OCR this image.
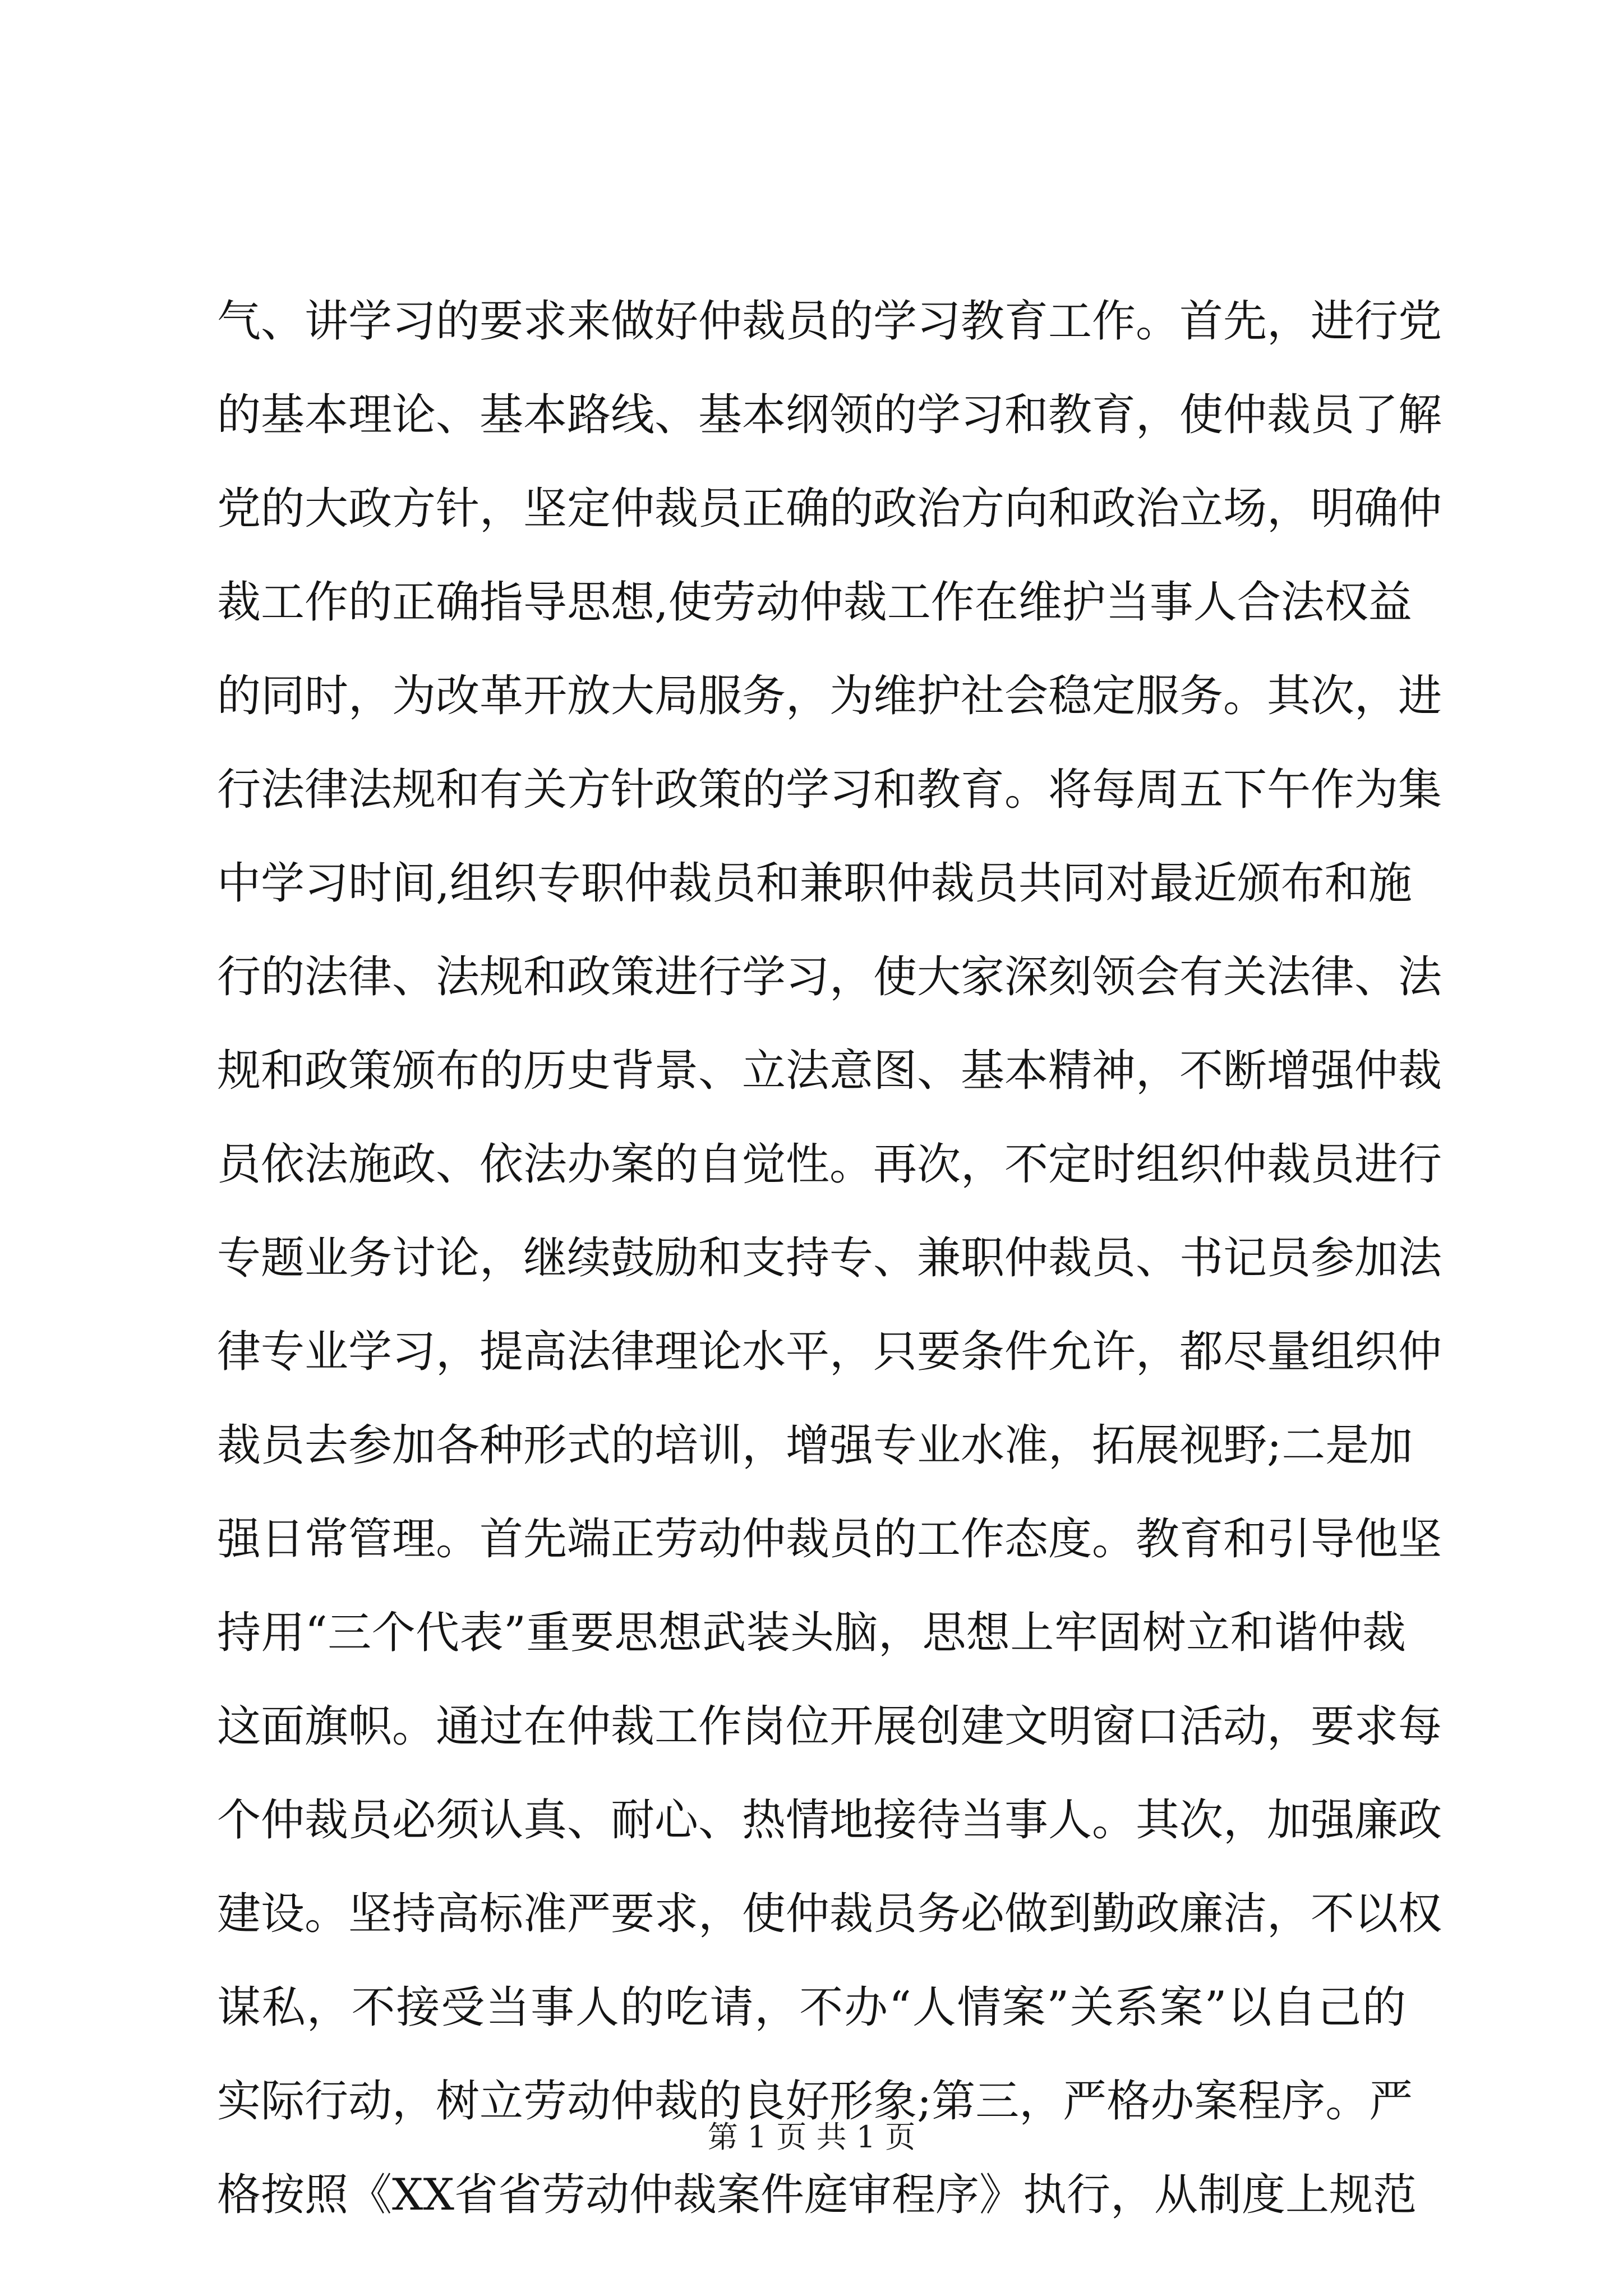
气、讲学习的要求来做好仲裁员的学习教育工作。首先，进行党
的基本理论、基本路线、基本纲领的学习和教育，使仲裁员了解
党的大政方针，坚定仲裁员正确的政治方向和政治立场，明确仲
裁工作的正确指导思想,使劳动仲裁工作在维护当事人合法权益
的同时，为改革开放大局服务，为维护社会稳定服务。其次，进
行法律法规和有关方针政策的学习和教育。将每周五下午作为集
中学习时间,组织专职仲裁员和兼职仲裁员共同对最近颁布和施
行的法律、法规和政策进行学习，使大家深刻领会有关法律、法
规和政策颁布的历史背景、立法意图、基本精神，不断增强仲裁
员依法施政、依法办案的自觉性。再次，不定时组织仲裁员进行
专题业务讨论，继续鼓励和支持专、兼职仲裁员、书记员参加法
律专业学习，提高法律理论水平，只要条件允许，都尽量组织仲
裁员去参加各种形式的培训，增强专业水准，拓展视野;二是加
强日常管理。首先端正劳动仲裁员的工作态度。教育和引导他坚
持用“三个代表”重要思想武装头脑，思想上牢固树立和谐仲裁
这面旗帜。通过在仲裁工作岗位开展创建文明窗口活动，要求每
个仲裁员必须认真、耐心、热情地接待当事人。其次，加强廉政
建设。坚持高标准严要求，使仲裁员务必做到勤政廉洁，不以权
谋私，不接受当事人的吃请，不办“人情案”关系案”以自己的
实际行动，树立劳动仲裁的良好形象;第三，严格办案程序。严
格按照《XX省省劳动仲裁案件庭审程序》执行，从制度上规范
第 1 页 共 1 页
